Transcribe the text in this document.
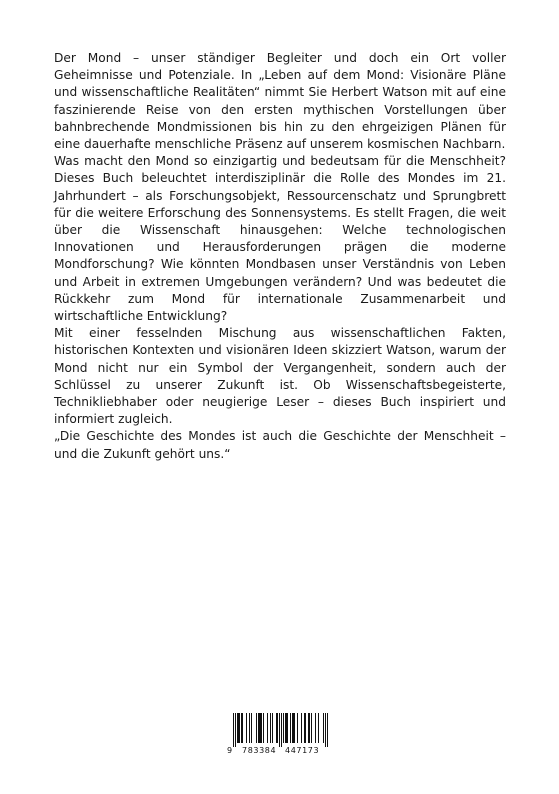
Der Mond – unser ständiger Begleiter und doch ein Ort voller Geheimnisse und Potenziale. In „Leben auf dem Mond: Visionäre Pläne und wissenschaftliche Realitäten“ nimmt Sie Herbert Watson mit auf eine faszinierende Reise von den ersten mythischen Vorstellungen über bahnbrechende Mondmissionen bis hin zu den ehrgeizigen Plänen für eine dauerhafte menschliche Präsenz auf unserem kosmischen Nachbarn.

Was macht den Mond so einzigartig und bedeutsam für die Menschheit? Dieses Buch beleuchtet interdisziplinär die Rolle des Mondes im 21. Jahrhundert – als Forschungsobjekt, Ressourcenschatz und Sprungbrett für die weitere Erforschung des Sonnensystems. Es stellt Fragen, die weit über die Wissenschaft hinausgehen: Welche technologischen Innovationen und Herausforderungen prägen die moderne Mondforschung? Wie könnten Mondbasen unser Verständnis von Leben und Arbeit in extremen Umgebungen verändern? Und was bedeutet die Rückkehr zum Mond für internationale Zusammenarbeit und wirtschaftliche Entwicklung?

Mit einer fesselnden Mischung aus wissenschaftlichen Fakten, historischen Kontexten und visionären Ideen skizziert Watson, warum der Mond nicht nur ein Symbol der Vergangenheit, sondern auch der Schlüssel zu unserer Zukunft ist. Ob Wissenschaftsbegeisterte, Technikliebhaber oder neugierige Leser – dieses Buch inspiriert und informiert zugleich.

„Die Geschichte des Mondes ist auch die Geschichte der Menschheit – und die Zukunft gehört uns.“

9 783384 447173
